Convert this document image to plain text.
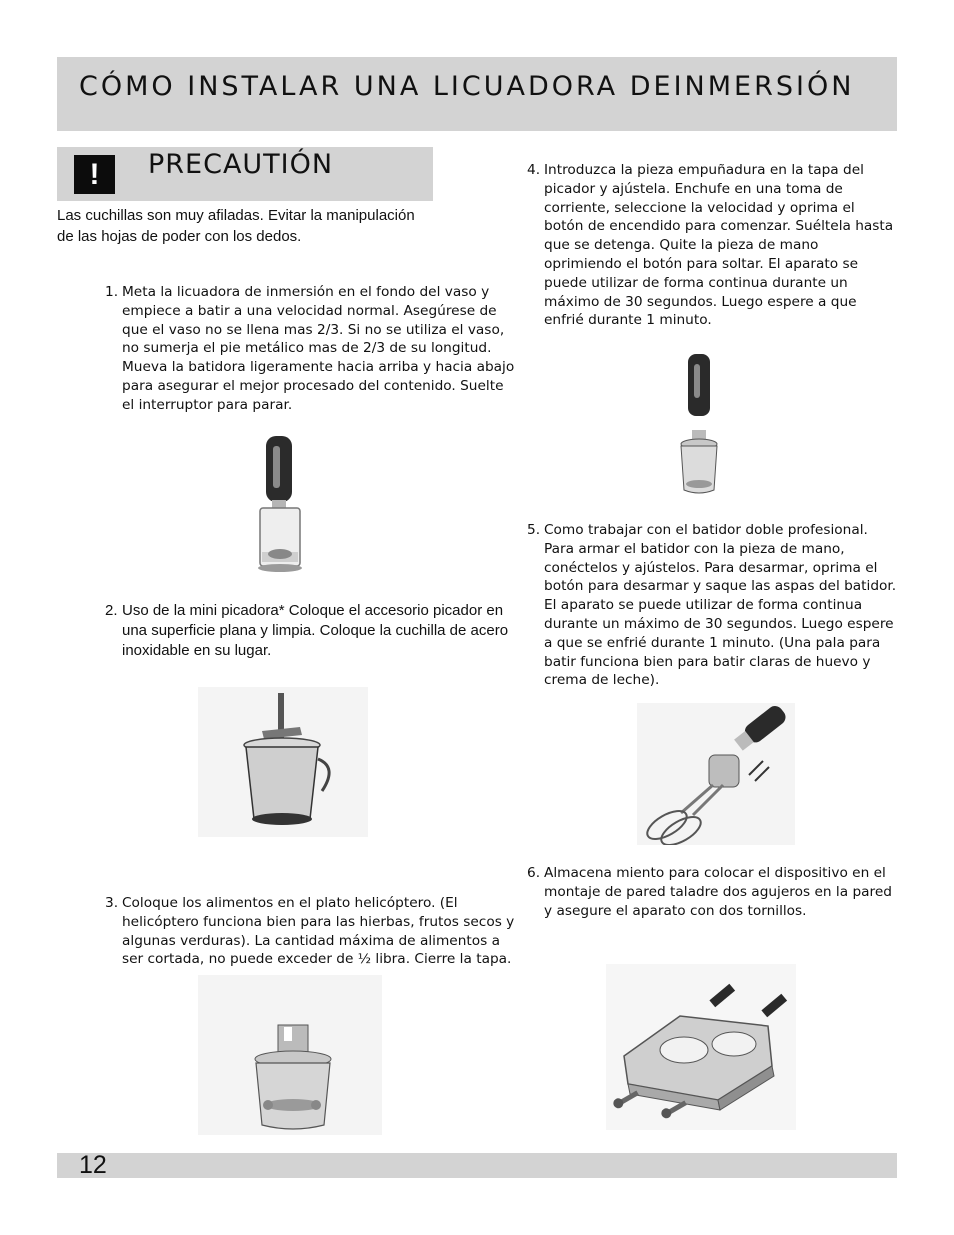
CÓMO INSTALAR UNA LICUADORA DEINMERSIÓN
!	PRECAUTIÓN
Las cuchillas son muy afiladas. Evitar la manipulación de las hojas de poder con los dedos.
1. Meta la licuadora de inmersión en el fondo del vaso y empiece a batir a una velocidad normal. Asegúrese de que el vaso no se llena mas 2/3. Si no se utiliza el vaso, no sumerja el pie metálico mas de 2/3 de su longitud. Mueva la batidora ligeramente hacia arriba y hacia abajo para asegurar el mejor procesado del contenido. Suelte el interruptor para parar.
2. Uso de la mini picadora* Coloque el accesorio picador en una superficie plana y limpia. Coloque la cuchilla de acero inoxidable en su lugar.
3. Coloque los alimentos en el plato helicóptero. (El helicóptero funciona bien para las hierbas, frutos secos y algunas verduras). La cantidad máxima de alimentos a ser cortada, no puede exceder de ½ libra. Cierre la tapa.
4. Introduzca la pieza empuñadura en la tapa del picador y ajústela. Enchufe en una toma de corriente, seleccione la velocidad y oprima el botón de encendido para comenzar. Suéltela hasta que se detenga. Quite la pieza de mano oprimiendo el botón para soltar. El aparato se puede utilizar de forma continua durante un máximo de 30 segundos. Luego espere a que enfrié durante 1 minuto.
5. Como trabajar con el batidor doble profesional. Para armar el batidor con la pieza de mano, conéctelos y ajústelos. Para desarmar, oprima el botón para desarmar y saque las aspas del batidor. El aparato se puede utilizar de forma continua durante un máximo de 30 segundos. Luego espere a que se enfrié durante 1 minuto. (Una pala para batir funciona bien para batir claras de huevo y crema de leche).
6. Almacena miento para colocar el dispositivo en el montaje de pared taladre dos agujeros en la pared y asegure el aparato con dos tornillos.
12
